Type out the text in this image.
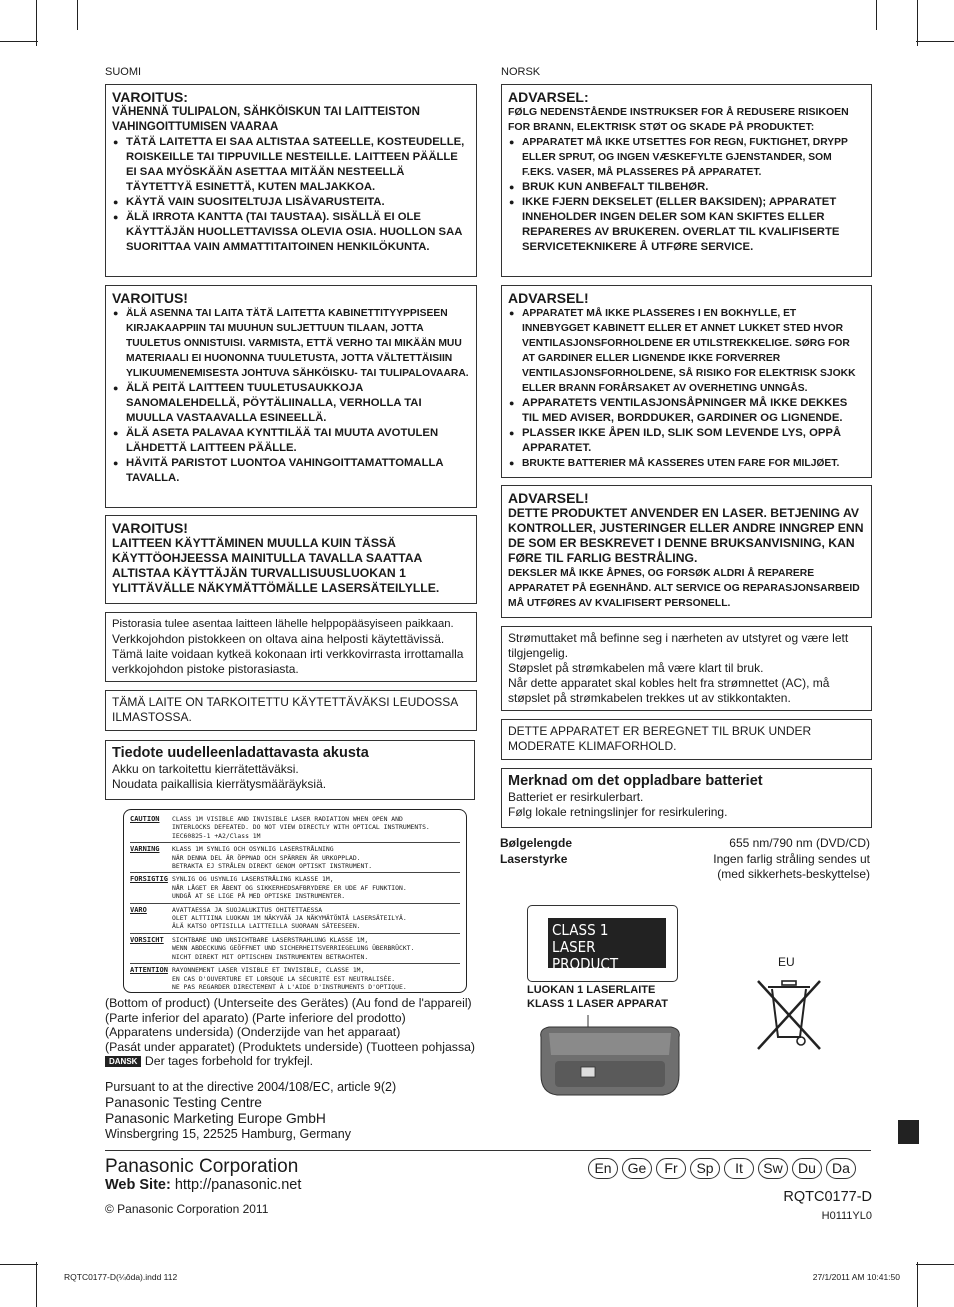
SUOMI	NORSK
VAROITUS:
VÄHENNÄ TULIPALON, SÄHKÖISKUN TAI LAITTEISTON VAHINGOITTUMISEN VAARAA
● TÄTÄ LAITETTA EI SAA ALTISTAA SATEELLE, KOSTEUDELLE, ROISKEILLE TAI TIPPUVILLE NESTEILLE. LAITTEEN PÄÄLLE EI SAA MYÖSKÄÄN ASETTAA MITÄÄN NESTEELLÄ TÄYTETTYÄ ESINETTÄ, KUTEN MALJAKKOA.
● KÄYTÄ VAIN SUOSITELTUJA LISÄVARUSTEITA.
● ÄLÄ IRROTA KANTTA (TAI TAUSTAA). SISÄLLÄ EI OLE KÄYTTÄJÄN HUOLLETTAVISSA OLEVIA OSIA. HUOLLON SAA SUORITTAA VAIN AMMATTITAITOINEN HENKILÖKUNTA.
VAROITUS!
● ÄLÄ ASENNA TAI LAITA TÄTÄ LAITETTA KABINETTITYYPPISEEN KIRJAKAAPPIIN TAI MUUHUN SULJETTUUN TILAAN, JOTTA TUULETUS ONNISTUISI. VARMISTA, ETTÄ VERHO TAI MIKÄÄN MUU MATERIAALI EI HUONONNA TUULETUSTA, JOTTA VÄLTETTÄISIIN YLIKUUMENEMISESTA JOHTUVA SÄHKÖISKU- TAI TULIPALOVAARA.
● ÄLÄ PEITÄ LAITTEEN TUULETUSAUKKOJA SANOMALEHDELLÄ, PÖYTÄLIINALLA, VERHOLLA TAI MUULLA VASTAAVALLA ESINEELLÄ.
● ÄLÄ ASETA PALAVAA KYNTTILÄÄ TAI MUUTA AVOTULEN LÄHDETTÄ LAITTEEN PÄÄLLE.
● HÄVITÄ PARISTOT LUONTOA VAHINGOITTAMATTOMALLA TAVALLA.
VAROITUS!
LAITTEEN KÄYTTÄMINEN MUULLA KUIN TÄSSÄ KÄYTTÖOHJEESSA MAINITULLA TAVALLA SAATTAA ALTISTAA KÄYTTÄJÄN TURVALLISUUSLUOKAN 1 YLITTÄVÄLLE NÄKYMÄTTÖMÄLLE LASERSÄTEILYLLE.
Pistorasia tulee asentaa laitteen lähelle helppopääsyiseen paikkaan.
Verkkojohdon pistokkeen on oltava aina helposti käytettävissä. Tämä laite voidaan kytkeä kokonaan irti verkkovirrasta irrottamalla verkkojohdon pistoke pistorasiasta.
TÄMÄ LAITE ON TARKOITETTU KÄYTETTÄVÄKSI LEUDOSSA ILMASTOSSA.
Tiedote uudelleenladattavasta akusta
Akku on tarkoitettu kierrätettäväksi.
Noudata paikallisia kierrätysmääräyksiä.
CAUTION	CLASS 1M VISIBLE AND INVISIBLE LASER RADIATION WHEN OPEN AND
INTERLOCKS DEFEATED. DO NOT VIEW DIRECTLY WITH OPTICAL INSTRUMENTS.
IEC60825-1 +A2/Class 1M
VARNING	KLASS 1M SYNLIG OCH OSYNLIG LASERSTRÅLNING
NÄR DENNA DEL ÄR ÖPPNAD OCH SPÄRREN ÄR URKOPPLAD.
BETRAKTA EJ STRÅLEN DIREKT GENOM OPTISKT INSTRUMENT.
FORSIGTIG SYNLIG OG USYNLIG LASERSTRÅLING KLASSE 1M,
NÅR LÅGET ER ÅBENT OG SIKKERHEDSAFBRYDERE ER UDE AF FUNKTION.
UNDGÅ AT SE LIGE PÅ MED OPTISKE INSTRUMENTER.
VARO	AVATTAESSA JA SUOJALUKITUS OHITETTAESSA
OLET ALTTIINA LUOKAN 1M NÄKYVÄÄ JA NÄKYMÄTÖNTÄ LASERSÄTEILYÄ.
ÄLÄ KATSO OPTISILLA LAITTEILLA SUORAAN SÄTEESEEN.
VORSICHT	SICHTBARE UND UNSICHTBARE LASERSTRAHLUNG KLASSE 1M,
WENN ABDECKUNG GEÖFFNET UND SICHERHEITSVERRIEGELUNG ÜBERBRÜCKT.
NICHT DIREKT MIT OPTISCHEN INSTRUMENTEN BETRACHTEN.
ATTENTION RAYONNEMENT LASER VISIBLE ET INVISIBLE, CLASSE 1M,
EN CAS D'OUVERTURE ET LORSQUE LA SÉCURITÉ EST NEUTRALISÉE.
NE PAS REGARDER DIRECTEMENT À L'AIDE D'INSTRUMENTS D'OPTIQUE.
(Bottom of product) (Unterseite des Gerätes) (Au fond de l'appareil)
(Parte inferior del aparato) (Parte inferiore del prodotto)
(Apparatens undersida) (Onderzijde van het apparaat)
(Pasát under apparatet) (Produktets underside) (Tuotteen pohjassa)
DANSK Der tages forbehold for trykfejl.
Pursuant to at the directive 2004/108/EC, article 9(2)
Panasonic Testing Centre
Panasonic Marketing Europe GmbH
Winsbergring 15, 22525 Hamburg, Germany
ADVARSEL:
FØLG NEDENSTÅENDE INSTRUKSER FOR Å REDUSERE RISIKOEN FOR BRANN, ELEKTRISK STØT OG SKADE PÅ PRODUKTET:
● APPARATET MÅ IKKE UTSETTES FOR REGN, FUKTIGHET, DRYPP ELLER SPRUT, OG INGEN VÆSKEFYLTE GJENSTANDER, SOM F.EKS. VASER, MÅ PLASSERES PÅ APPARATET.
● BRUK KUN ANBEFALT TILBEHØR.
● IKKE FJERN DEKSELET (ELLER BAKSIDEN); APPARATET INNEHOLDER INGEN DELER SOM KAN SKIFTES ELLER REPARERES AV BRUKEREN. OVERLAT TIL KVALIFISERTE SERVICETEKNIKERE Å UTFØRE SERVICE.
ADVARSEL!
● APPARATET MÅ IKKE PLASSERES I EN BOKHYLLE, ET INNEBYGGET KABINETT ELLER ET ANNET LUKKET STED HVOR VENTILASJONSFORHOLDENE ER UTILSTREKKELIGE. SØRG FOR AT GARDINER ELLER LIGNENDE IKKE FORVERRER VENTILASJONSFORHOLDENE, SÅ RISIKO FOR ELEKTRISK SJOKK ELLER BRANN FORÅRSAKET AV OVERHETING UNNGÅS.
● APPARATETS VENTILASJONSÅPNINGER MÅ IKKE DEKKES TIL MED AVISER, BORDDUKER, GARDINER OG LIGNENDE.
● PLASSER IKKE ÅPEN ILD, SLIK SOM LEVENDE LYS, OPPÅ APPARATET.
● BRUKTE BATTERIER MÅ KASSERES UTEN FARE FOR MILJØET.
ADVARSEL!
DETTE PRODUKTET ANVENDER EN LASER. BETJENING AV KONTROLLER, JUSTERINGER ELLER ANDRE INNGREP ENN DE SOM ER BESKREVET I DENNE BRUKSANVISNING, KAN FØRE TIL FARLIG BESTRÅLING.
DEKSLER MÅ IKKE ÅPNES, OG FORSØK ALDRI Å REPARERE APPARATET PÅ EGENHÅND. ALT SERVICE OG REPARASJONSARBEID MÅ UTFØRES AV KVALIFISERT PERSONELL.
Strømuttaket må befinne seg i nærheten av utstyret og være lett tilgjengelig.
Støpslet på strømkabelen må være klart til bruk.
Når dette apparatet skal kobles helt fra strømnettet (AC), må støpslet på strømkabelen trekkes ut av stikkontakten.
DETTE APPARATET ER BEREGNET TIL BRUK UNDER MODERATE KLIMAFORHOLD.
Merknad om det oppladbare batteriet
Batteriet er resirkulerbart.
Følg lokale retningslinjer for resirkulering.
Bølgelengde	655 nm/790 nm (DVD/CD)
Laserstyrke	Ingen farlig stråling sendes ut
(med sikkerhets-beskyttelse)
CLASS 1
LASER PRODUCT
LUOKAN 1 LASERLAITE
KLASS 1 LASER APPARAT
EU
Panasonic Corporation
Web Site: http://panasonic.net
© Panasonic Corporation 2011
En	Ge	Fr	Sp	It	Sw	Du	Da
RQTC0177-D
H0111YL0
RQTC0177-D(¼ôda).indd 112	27/1/2011 AM 10:41:50
